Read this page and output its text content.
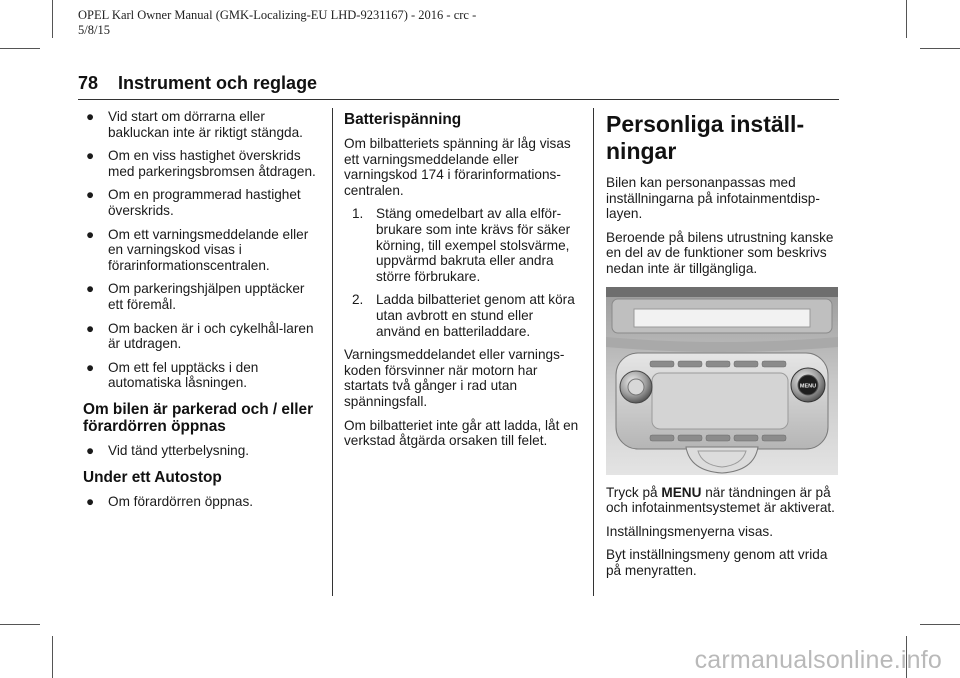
OPEL Karl Owner Manual (GMK-Localizing-EU LHD-9231167) - 2016 - crc - 5/8/15
78 Instrument och reglage
● Vid start om dörrarna eller bakluckan inte är riktigt stängda.
● Om en viss hastighet överskrids med parkeringsbromsen åtdragen.
● Om en programmerad hastighet överskrids.
● Om ett varningsmeddelande eller en varningskod visas i förarinformationscentralen.
● Om parkeringshjälpen upptäcker ett föremål.
● Om backen är i och cykelhål-laren är utdragen.
● Om ett fel upptäcks i den automatiska låsningen.
Om bilen är parkerad och / eller förardörren öppnas
● Vid tänd ytterbelysning.
Under ett Autostop
● Om förardörren öppnas.
Batterispänning
Om bilbatteriets spänning är låg visas ett varningsmeddelande eller varningskod 174 i förarinformations-centralen.
1. Stäng omedelbart av alla elför-brukare som inte krävs för säker körning, till exempel stolsvärme, uppvärmd bakruta eller andra större förbrukare.
2. Ladda bilbatteriet genom att köra utan avbrott en stund eller använd en batteriladdare.
Varningsmeddelandet eller varnings-koden försvinner när motorn har startats två gånger i rad utan spänningsfall.
Om bilbatteriet inte går att ladda, låt en verkstad åtgärda orsaken till felet.
Personliga inställ-ningar
Bilen kan personanpassas med inställningarna på infotainmentdisp-layen.
Beroende på bilens utrustning kanske en del av de funktioner som beskrivs nedan inte är tillgängliga.
MENU
Tryck på MENU när tändningen är på och infotainmentsystemet är aktiverat.
Inställningsmenyerna visas.
Byt inställningsmeny genom att vrida på menyratten.
carmanualsonline.info
